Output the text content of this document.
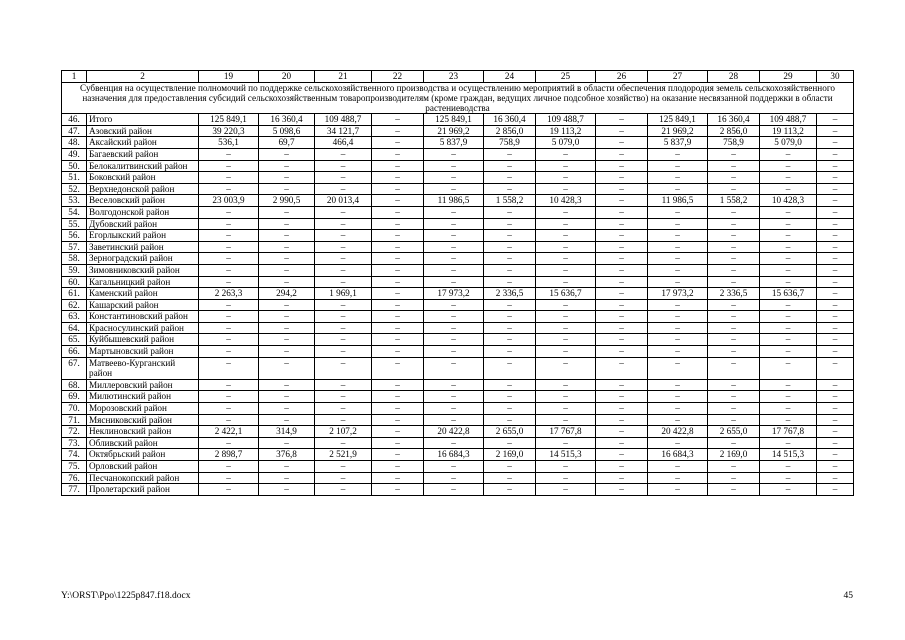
1	2	19	20	21	22	23	24	25	26	27	28	29	30
Субвенция на осуществление полномочий по поддержке сельскохозяйственного производства и осуществлению мероприятий в области обеспечения плодородия земель сельскохозяйственного назначения для предоставления субсидий сельскохозяйственным товаропроизводителям (кроме граждан, ведущих личное подсобное хозяйство) на оказание несвязанной поддержки в области растениеводства													
46.	Итого	125 849,1	16 360,4	109 488,7	–	125 849,1	16 360,4	109 488,7	–	125 849,1	16 360,4	109 488,7	–
47.	Азовский район	39 220,3	5 098,6	34 121,7	–	21 969,2	2 856,0	19 113,2	–	21 969,2	2 856,0	19 113,2	–
48.	Аксайский район	536,1	69,7	466,4	–	5 837,9	758,9	5 079,0	–	5 837,9	758,9	5 079,0	–
49.	Багаевский район	–	–	–	–	–	–	–	–	–	–	–	–
50.	Белокалитвинский район	–	–	–	–	–	–	–	–	–	–	–	–
51.	Боковский район	–	–	–	–	–	–	–	–	–	–	–	–
52.	Верхнедонской район	–	–	–	–	–	–	–	–	–	–	–	–
53.	Веселовский район	23 003,9	2 990,5	20 013,4	–	11 986,5	1 558,2	10 428,3	–	11 986,5	1 558,2	10 428,3	–
54.	Волгодонской район	–	–	–	–	–	–	–	–	–	–	–	–
55.	Дубовский район	–	–	–	–	–	–	–	–	–	–	–	–
56.	Егорлыкский район	–	–	–	–	–	–	–	–	–	–	–	–
57.	Заветинский район	–	–	–	–	–	–	–	–	–	–	–	–
58.	Зерноградский район	–	–	–	–	–	–	–	–	–	–	–	–
59.	Зимовниковский район	–	–	–	–	–	–	–	–	–	–	–	–
60.	Кагальницкий район	–	–	–	–	–	–	–	–	–	–	–	–
61.	Каменский район	2 263,3	294,2	1 969,1	–	17 973,2	2 336,5	15 636,7	–	17 973,2	2 336,5	15 636,7	–
62.	Кашарский район	–	–	–	–	–	–	–	–	–	–	–	–
63.	Константиновский район	–	–	–	–	–	–	–	–	–	–	–	–
64.	Красносулинский район	–	–	–	–	–	–	–	–	–	–	–	–
65.	Куйбышевский район	–	–	–	–	–	–	–	–	–	–	–	–
66.	Мартыновский район	–	–	–	–	–	–	–	–	–	–	–	–
67.	Матвеево-Курганский район	–	–	–	–	–	–	–	–	–	–	–	–
68.	Миллеровский район	–	–	–	–	–	–	–	–	–	–	–	–
69.	Милютинский район	–	–	–	–	–	–	–	–	–	–	–	–
70.	Морозовский район	–	–	–	–	–	–	–	–	–	–	–	–
71.	Мясниковский район	–	–	–	–	–	–	–	–	–	–	–	–
72.	Неклиновский район	2 422,1	314,9	2 107,2	–	20 422,8	2 655,0	17 767,8	–	20 422,8	2 655,0	17 767,8	–
73.	Обливский район	–	–	–	–	–	–	–	–	–	–	–	–
74.	Октябрьский район	2 898,7	376,8	2 521,9	–	16 684,3	2 169,0	14 515,3	–	16 684,3	2 169,0	14 515,3	–
75.	Орловский район	–	–	–	–	–	–	–	–	–	–	–	–
76.	Песчанокопский район	–	–	–	–	–	–	–	–	–	–	–	–
77.	Пролетарский район	–	–	–	–	–	–	–	–	–	–	–	–
Y:\ORST\Ppo\1225p847.f18.docx	45
